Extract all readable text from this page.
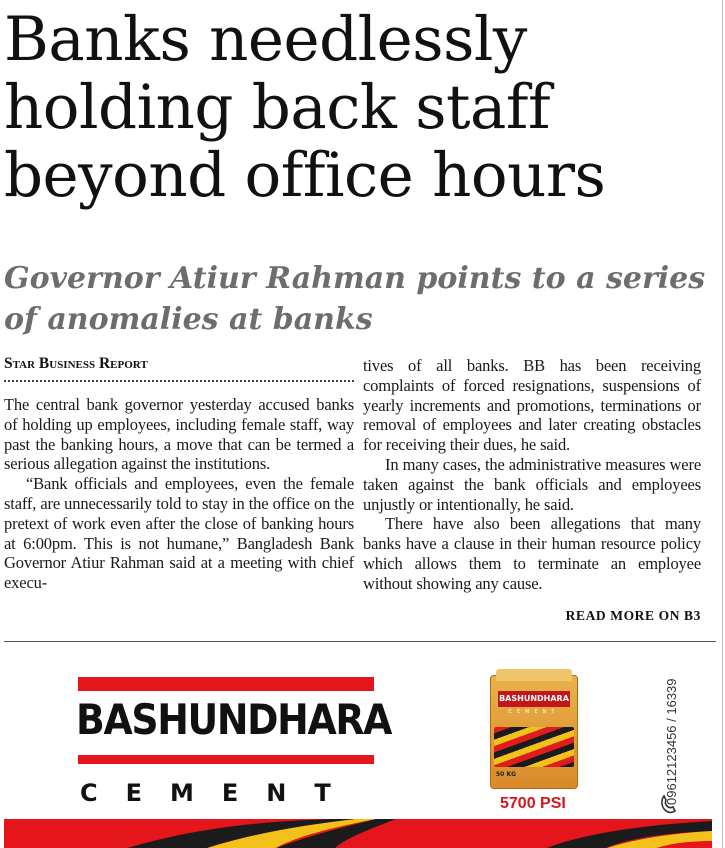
Banks needlessly holding back staff beyond office hours
Governor Atiur Rahman points to a series of anomalies at banks
Star Business Report

The central bank governor yesterday accused banks of holding up employees, including female staff, way past the banking hours, a move that can be termed a serious allegation against the institutions.

“Bank officials and employees, even the female staff, are unnecessarily told to stay in the office on the pretext of work even after the close of banking hours at 6:00pm. This is not humane,” Bangladesh Bank Governor Atiur Rahman said at a meeting with chief execu-

tives of all banks. BB has been receiving complaints of forced resignations, suspensions of yearly increments and promotions, terminations or removal of employees and later creating obstacles for receiving their dues, he said.

In many cases, the administrative measures were taken against the bank officials and employees unjustly or intentionally, he said.

There have also been allegations that many banks have a clause in their human resource policy which allows them to terminate an employee without showing any cause.

READ MORE ON B3
BASHUNDHARA
CEMENT
BASHUNDHARA
CEMENT
50 KG
5700 PSI	09612123456 / 16339
